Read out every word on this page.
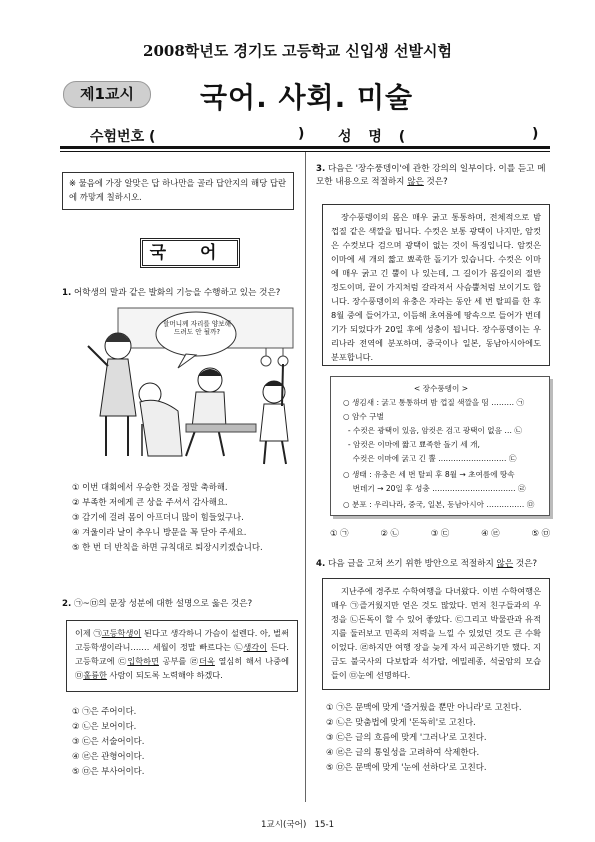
2008학년도 경기도 고등학교 신입생 선발시험
제1교시	국어. 사회. 미술
수험번호 (	) 성 명 (	)
※ 물음에 가장 알맞은 답 하나만을 골라 답안지의 해당 답란에 까맣게 칠하시오.
국 어
1. 어학생의 말과 같은 발화의 기능을 수행하고 있는 것은?
할머니께 자리를 양보해 드려도 안 될까?
① 이번 대회에서 우승한 것을 정말 축하해.
② 부족한 저에게 큰 상을 주셔서 감사해요.
③ 감기에 걸려 몸이 아프더니 많이 힘들었구나.
④ 겨울이라 날이 추우니 방문을 꼭 닫아 주세요.
⑤ 한 번 더 반칙을 하면 규칙대로 퇴장시키겠습니다.
2. ㉠~㉤의 문장 성분에 대한 설명으로 옳은 것은?
이제 ㉠고등학생이 된다고 생각하니 가슴이 설렌다. 아, 벌써 고등학생이라니……. 세월이 정말 빠르다는 ㉡생각이 든다. 고등학교에 ㉢입학하면 공부를 ㉣더욱 열심히 해서 나중에 ㉤훌륭한 사람이 되도록 노력해야 하겠다.
① ㉠은 주어이다.
② ㉡은 보어이다.
③ ㉢은 서술어이다.
④ ㉣은 관형어이다.
⑤ ㉤은 부사어이다.
3. 다음은 '장수풍뎅이'에 관한 강의의 일부이다. 이를 듣고 메모한 내용으로 적절하지 않은 것은?
장수풍뎅이의 몸은 매우 굵고 통통하며, 전체적으로 밤 껍질 같은 색깔을 띱니다. 수컷은 보통 광택이 나지만, 암컷은 수컷보다 검으며 광택이 없는 것이 특징입니다. 암컷은 이마에 세 개의 짧고 뾰족한 돌기가 있습니다. 수컷은 이마에 매우 굵고 긴 뿔이 나 있는데, 그 길이가 몸길이의 절반 정도이며, 끝이 가지처럼 갈라져서 사슴뿔처럼 보이기도 합니다. 장수풍뎅이의 유충은 자라는 동안 세 번 탈피를 한 후 8월 중에 들어가고, 이듬해 초여름에 땅속으로 들어가 번데기가 되었다가 20일 후에 성충이 됩니다. 장수풍뎅이는 우리나라 전역에 분포하며, 중국이나 일본, 동남아시아에도 분포합니다.
< 장수풍뎅이 >
○ 생김새 : 굵고 통통하며 밤 껍질 색깔을 띰 ……… ㉠
○ 암수 구별
- 수컷은 광택이 있음, 암컷은 검고 광택이 없음 … ㉡
- 암컷은 이마에 짧고 뾰족한 돌기 세 개,
수컷은 이마에 굵고 긴 뿔 ……………………… ㉢
○ 생태 : 유충은 세 번 탈피 후 8월 → 초여름에 땅속
번데기 → 20일 후 성충 …………………………… ㉣
○ 분포 : 우리나라, 중국, 일본, 동남아시아 …………… ㉤
① ㉠	② ㉡	③ ㉢	④ ㉣	⑤ ㉤
4. 다음 글을 고쳐 쓰기 위한 방안으로 적절하지 않은 것은?
지난주에 경주로 수학여행을 다녀왔다. 이번 수학여행은 매우 ㉠즐거웠지만 얻은 것도 많았다. 먼저 친구들과의 우정을 ㉡돈독이 할 수 있어 좋았다. ㉢그리고 박물관과 유적지를 둘러보고 민족의 저력을 느낄 수 있었던 것도 큰 수확이었다. ㉣하지만 여행 장을 늦게 자서 피곤하기만 했다. 지금도 불국사의 다보탑과 석가탑, 에밀레종, 석굴암의 모습들이 ㉤눈에 선명하다.
① ㉠은 문맥에 맞게 '즐거웠을 뿐만 아니라'로 고친다.
② ㉡은 맞춤법에 맞게 '돈독히'로 고친다.
③ ㉢은 글의 흐름에 맞게 '그러나'로 고친다.
④ ㉣은 글의 통일성을 고려하여 삭제한다.
⑤ ㉤은 문맥에 맞게 '눈에 선하다'로 고친다.
1교시(국어)   15-1
